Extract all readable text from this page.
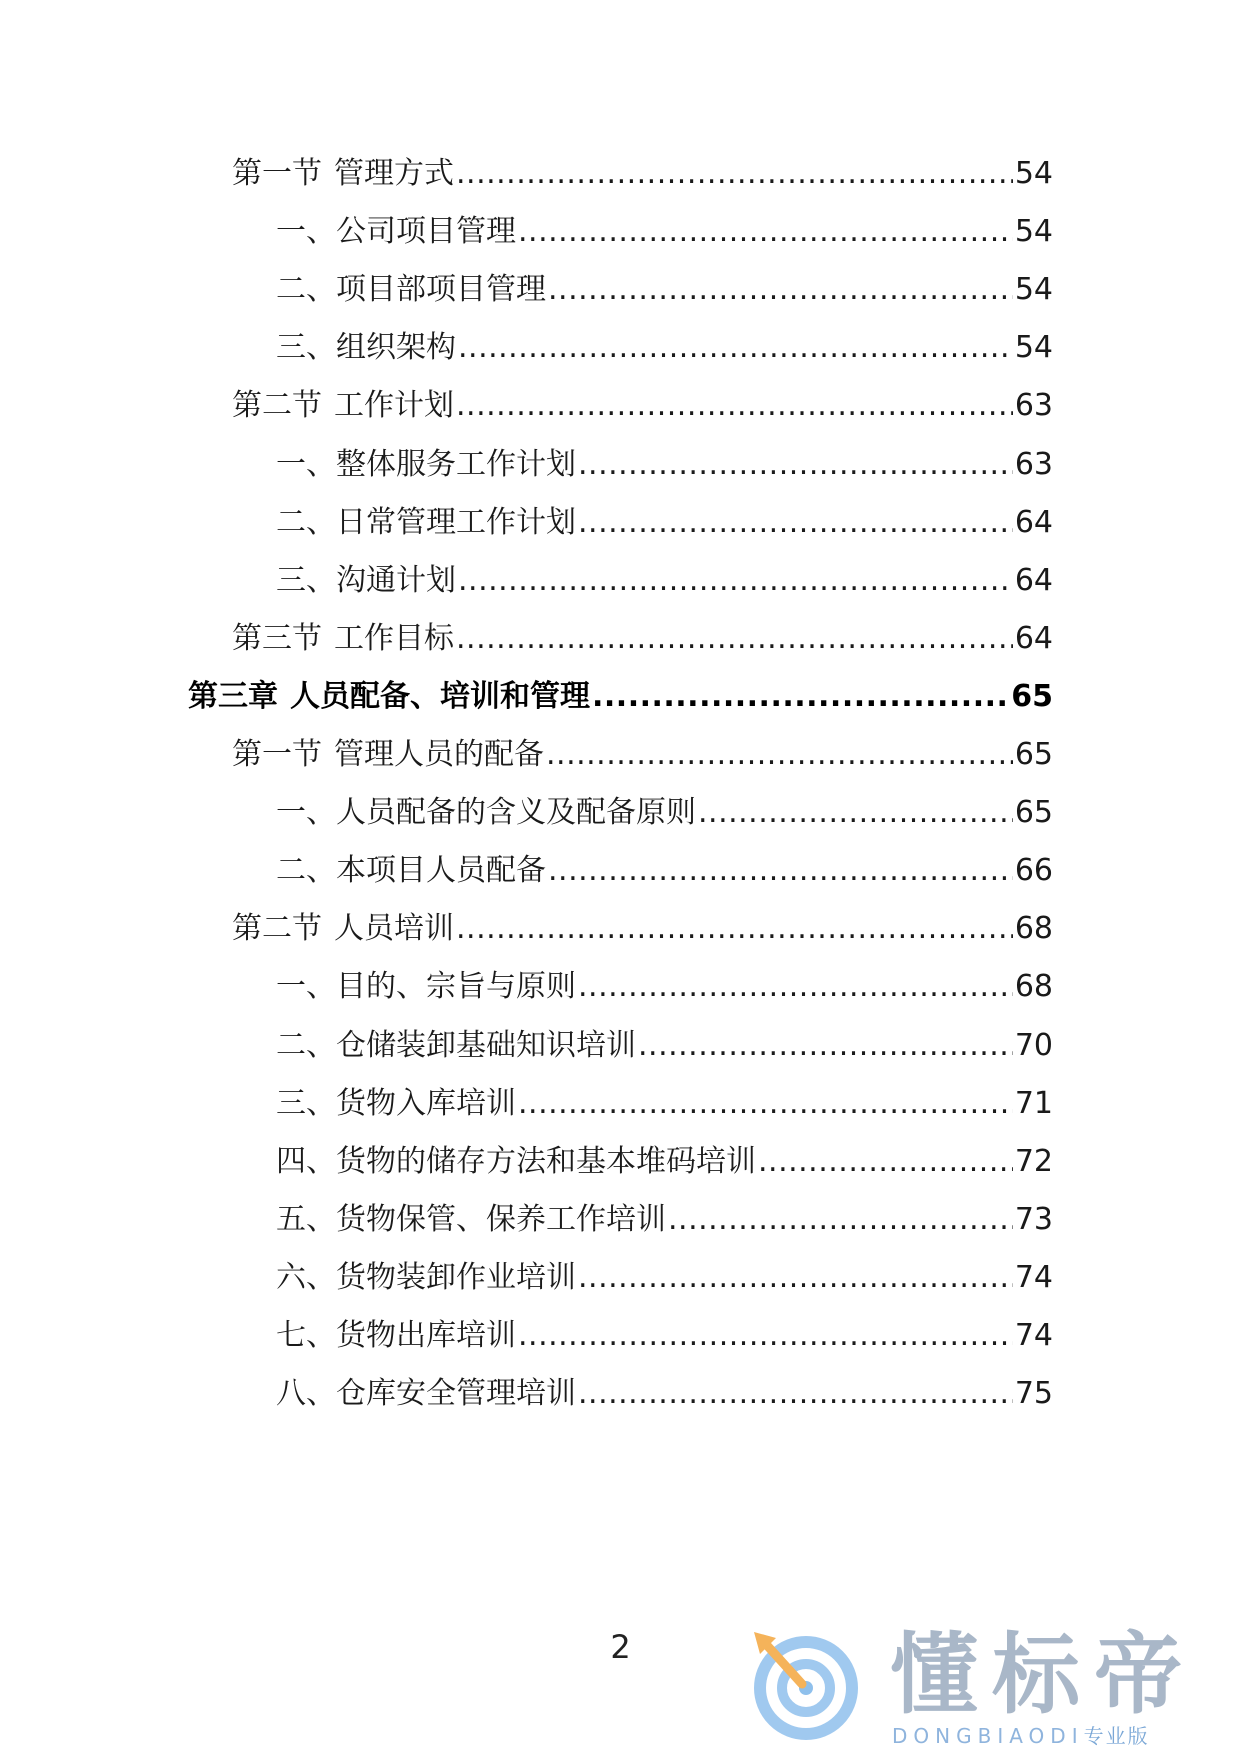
第一节 管理方式 .....	54
一、公司项目管理 .....	54
二、项目部项目管理 .....	54
三、组织架构 .....	54
第二节 工作计划 .....	63
一、整体服务工作计划 .....	63
二、日常管理工作计划 .....	64
三、沟通计划 .....	64
第三节 工作目标 .....	64
第三章 人员配备、培训和管理 .....	65
第一节 管理人员的配备 .....	65
一、人员配备的含义及配备原则 .....	65
二、本项目人员配备 .....	66
第二节 人员培训 .....	68
一、目的、宗旨与原则 .....	68
二、仓储装卸基础知识培训 .....	70
三、货物入库培训 .....	71
四、货物的储存方法和基本堆码培训 .....	72
五、货物保管、保养工作培训 .....	73
六、货物装卸作业培训 .....	74
七、货物出库培训 .....	74
八、仓库安全管理培训 .....	75
2	懂标帝
DONGBIAODI专业版
